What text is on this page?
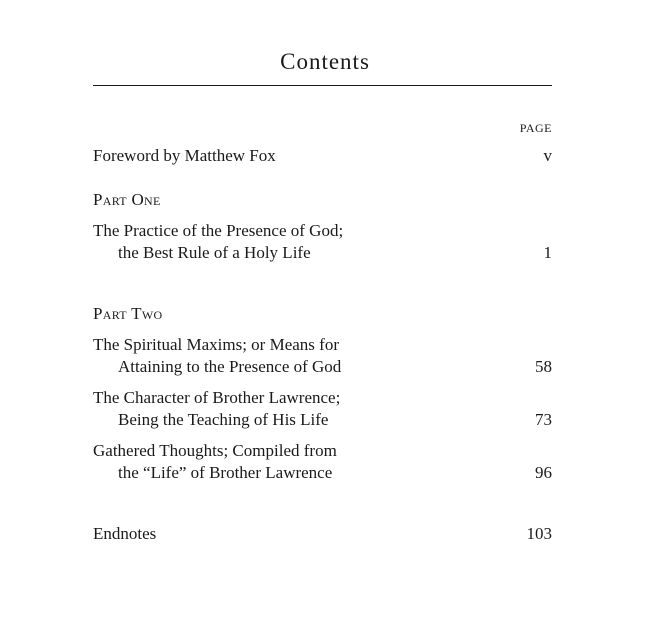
Contents
PAGE
Foreword by Matthew Fox	v
Part One
The Practice of the Presence of God;
the Best Rule of a Holy Life	1
Part Two
The Spiritual Maxims; or Means for
Attaining to the Presence of God	58
The Character of Brother Lawrence;
Being the Teaching of His Life	73
Gathered Thoughts; Compiled from
the “Life” of Brother Lawrence	96
Endnotes	103
